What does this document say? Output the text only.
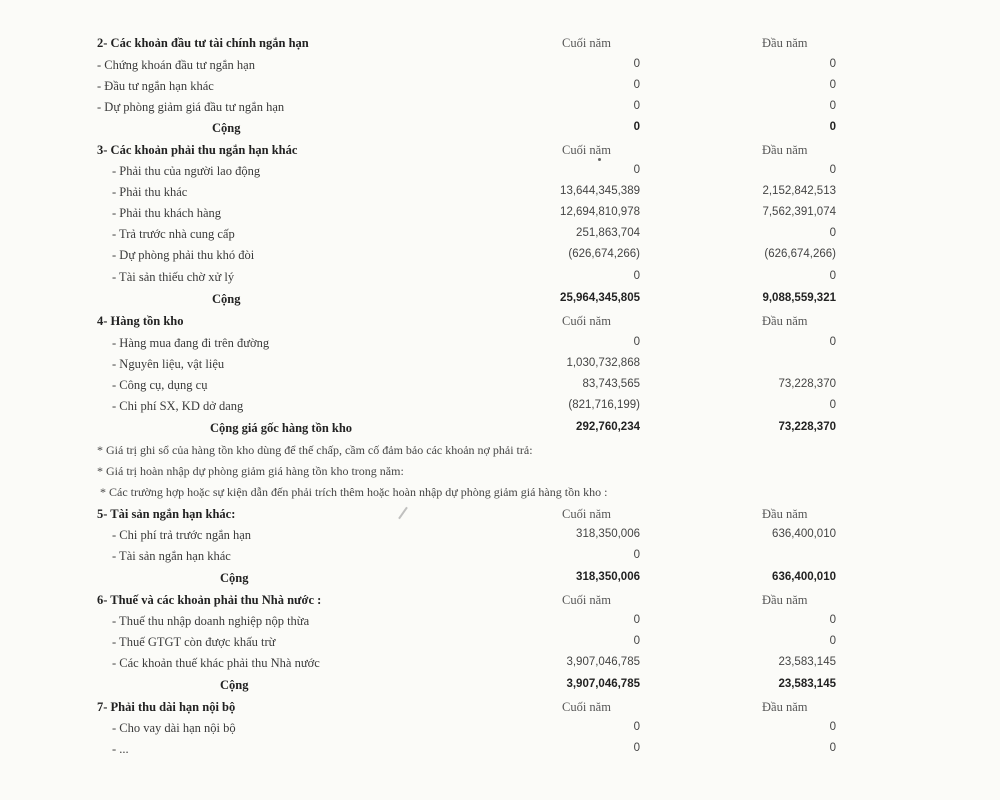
2- Các khoản đầu tư tài chính ngắn hạn	Cuối năm	Đầu năm
- Chứng khoán đầu tư ngắn hạn	0	0
- Đầu tư ngắn hạn khác	0	0
- Dự phòng giảm giá đầu tư ngắn hạn	0	0
Cộng	0	0
3- Các khoản phải thu ngắn hạn khác	Cuối năm	Đầu năm
- Phải thu của người lao động	0	0
- Phải thu khác	13,644,345,389	2,152,842,513
- Phải thu khách hàng	12,694,810,978	7,562,391,074
- Trả trước nhà cung cấp	251,863,704	0
- Dự phòng phải thu khó đòi	(626,674,266)	(626,674,266)
- Tài sản thiếu chờ xử lý	0	0
Cộng	25,964,345,805	9,088,559,321
4- Hàng tồn kho	Cuối năm	Đầu năm
- Hàng mua đang đi trên đường	0	0
- Nguyên liệu, vật liệu	1,030,732,868
- Công cụ, dụng cụ	83,743,565	73,228,370
- Chi phí SX, KD dở dang	(821,716,199)	0
Cộng giá gốc hàng tồn kho	292,760,234	73,228,370
* Giá trị ghi sổ của hàng tồn kho dùng để thế chấp, cầm cố đảm bảo các khoản nợ phải trả:
* Giá trị hoàn nhập dự phòng giảm giá hàng tồn kho trong năm:
* Các trường hợp hoặc sự kiện dẫn đến phải trích thêm hoặc hoàn nhập dự phòng giảm giá hàng tồn kho :
5- Tài sản ngắn hạn khác:	Cuối năm	Đầu năm
- Chi phí trả trước ngắn hạn	318,350,006	636,400,010
- Tài sản ngắn hạn khác	0
Cộng	318,350,006	636,400,010
6- Thuế và các khoản phải thu Nhà nước :	Cuối năm	Đầu năm
- Thuế thu nhập doanh nghiệp nộp thừa	0	0
- Thuế GTGT còn được khấu trừ	0	0
- Các khoản thuế khác phải thu Nhà nước	3,907,046,785	23,583,145
Cộng	3,907,046,785	23,583,145
7- Phải thu dài hạn nội bộ	Cuối năm	Đầu năm
- Cho vay dài hạn nội bộ	0	0
- ...	0	0
